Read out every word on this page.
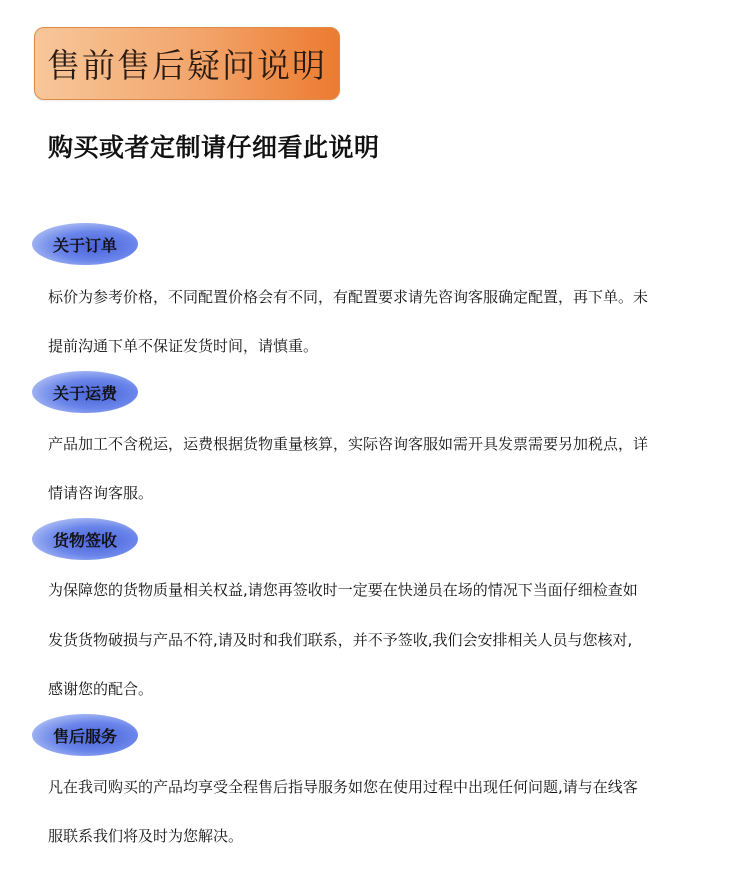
售前售后疑问说明
购买或者定制请仔细看此说明
关于订单
标价为参考价格，不同配置价格会有不同，有配置要求请先咨询客服确定配置，再下单。未
提前沟通下单不保证发货时间，请慎重。
关于运费
产品加工不含税运，运费根据货物重量核算，实际咨询客服如需开具发票需要另加税点，详
情请咨询客服。
货物签收
为保障您的货物质量相关权益,请您再签收时一定要在快递员在场的情况下当面仔细检查如
发货货物破损与产品不符,请及时和我们联系，并不予签收,我们会安排相关人员与您核对,
感谢您的配合。
售后服务
凡在我司购买的产品均享受全程售后指导服务如您在使用过程中出现任何问题,请与在线客
服联系我们将及时为您解决。
